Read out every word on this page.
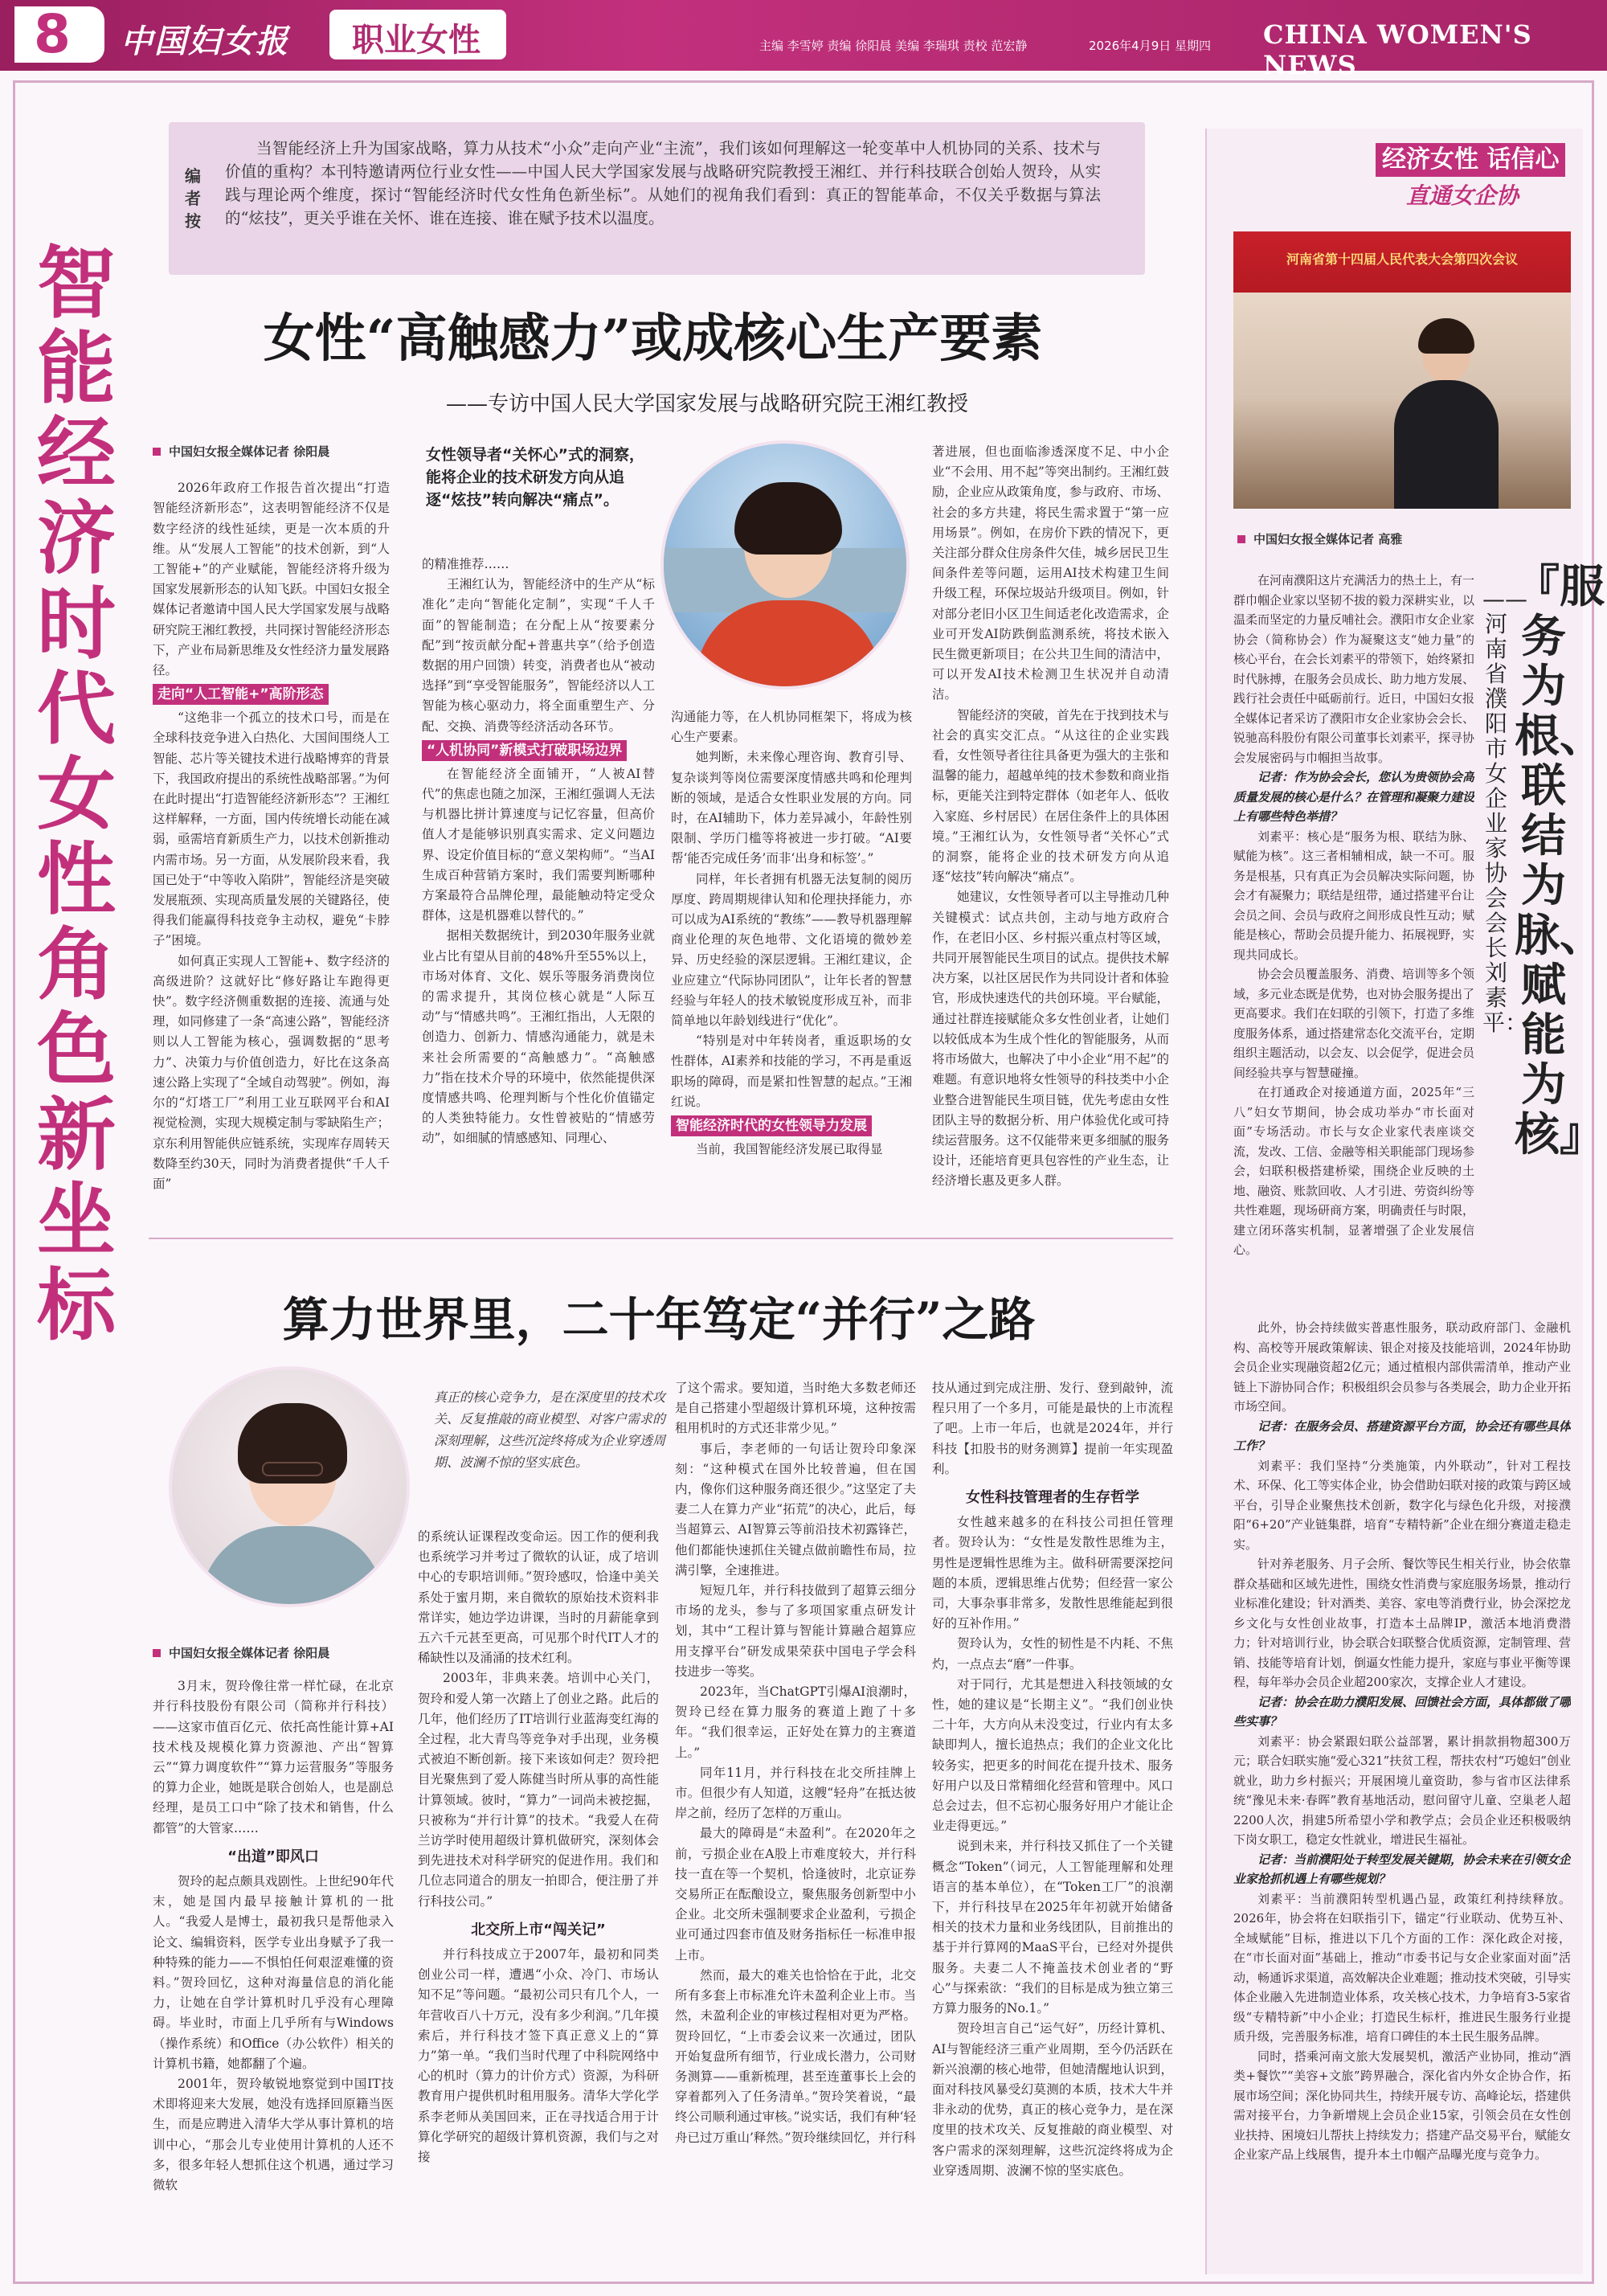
8 中国妇女报 职业女性	主编 李雪婷 责编 徐阳晨 美编 李瑞琪 责校 范宏静	2026年4月9日 星期四 CHINA WOMEN'S NEWS
编者按
当智能经济上升为国家战略，算力从技术“小众”走向产业“主流”，我们该如何理解这一轮变革中人机协同的关系、技术与价值的重构？本刊特邀请两位行业女性——中国人民大学国家发展与战略研究院教授王湘红、并行科技联合创始人贺玲，从实践与理论两个维度，探讨“智能经济时代女性角色新坐标”。从她们的视角我们看到：真正的智能革命，不仅关乎数据与算法的“炫技”，更关乎谁在关怀、谁在连接、谁在赋予技术以温度。
智能经济时代女性角色新坐标
女性“高触感力”或成核心生产要素
——专访中国人民大学国家发展与战略研究院王湘红教授
中国妇女报全媒体记者 徐阳晨

2026年政府工作报告首次提出“打造智能经济新形态”，这表明智能经济不仅是数字经济的线性延续，更是一次本质的升维。从“发展人工智能”的技术创新，到“人工智能+”的产业赋能，智能经济将升级为国家发展新形态的认知飞跃。中国妇女报全媒体记者邀请中国人民大学国家发展与战略研究院王湘红教授，共同探讨智能经济形态下，产业布局新思维及女性经济力量发展路径。

走向“人工智能+”高阶形态

“这绝非一个孤立的技术口号，而是在全球科技竞争进入白热化、大国间围绕人工智能、芯片等关键技术进行战略博弈的背景下，我国政府提出的系统性战略部署。”为何在此时提出“打造智能经济新形态”？王湘红这样解释，一方面，国内传统增长动能在减弱，亟需培育新质生产力，以技术创新推动内需市场。另一方面，从发展阶段来看，我国已处于“中等收入陷阱”，智能经济是突破发展瓶颈、实现高质量发展的关键路径，使得我们能赢得科技竞争主动权，避免“卡脖子”困境。

如何真正实现人工智能+、数字经济的高级进阶？这就好比“修好路让车跑得更快”。数字经济侧重数据的连接、流通与处理，如同修建了一条“高速公路”，智能经济则以人工智能为核心，强调数据的“思考力”、决策力与价值创造力，好比在这条高速公路上实现了“全域自动驾驶”。例如，海尔的“灯塔工厂”利用工业互联网平台和AI视觉检测，实现大规模定制与零缺陷生产；京东利用智能供应链系统，实现库存周转天数降至约30天，同时为消费者提供“千人千面”

女性领导者“关怀心”式的洞察，能将企业的技术研发方向从追逐“炫技”转向解决“痛点”。

的精准推荐……

王湘红认为，智能经济中的生产从“标准化”走向“智能化定制”，实现“千人千面”的智能制造；在分配上从“按要素分配”到“按贡献分配+普惠共享”（给予创造数据的用户回馈）转变，消费者也从“被动选择”到“享受智能服务”，智能经济以人工智能为核心驱动力，将全面重塑生产、分配、交换、消费等经济活动各环节。

“人机协同”新模式打破职场边界

在智能经济全面铺开，“人被AI替代”的焦虑也随之加深，王湘红强调人无法与机器比拼计算速度与记忆容量，但高价值人才是能够识别真实需求、定义问题边界、设定价值目标的“意义架构师”。“当AI生成百种营销方案时，我们需要判断哪种方案最符合品牌伦理，最能触动特定受众群体，这是机器难以替代的。”

据相关数据统计，到2030年服务业就业占比有望从目前的48%升至55%以上，市场对体育、文化、娱乐等服务消费岗位的需求提升，其岗位核心就是“人际互动”与“情感共鸣”。王湘红指出，人无限的创造力、创新力、情感沟通能力，就是未来社会所需要的“高触感力”。“高触感力”指在技术介导的环境中，依然能提供深度情感共鸣、伦理判断与个性化价值锚定的人类独特能力。女性曾被贴的“情感劳动”，如细腻的情感感知、同理心、

沟通能力等，在人机协同框架下，将成为核心生产要素。

她判断，未来像心理咨询、教育引导、复杂谈判等岗位需要深度情感共鸣和伦理判断的领域，是适合女性职业发展的方向。同时，在AI辅助下，体力差异减小，年龄性别限制、学历门槛等将被进一步打破。“AI要帮‘能否完成任务’而非‘出身和标签’。”

同样，年长者拥有机器无法复制的阅历厚度、跨周期规律认知和伦理抉择能力，亦可以成为AI系统的“教练”——教导机器理解商业伦理的灰色地带、文化语境的微妙差异、历史经验的深层逻辑。王湘红建议，企业应建立“代际协同团队”，让年长者的智慧经验与年轻人的技术敏锐度形成互补，而非简单地以年龄划线进行“优化”。

“特别是对中年转岗者，重返职场的女性群体，AI素养和技能的学习，不再是重返职场的障碍，而是紧扣性智慧的起点。”王湘红说。

智能经济时代的女性领导力发展

当前，我国智能经济发展已取得显

著进展，但也面临渗透深度不足、中小企业“不会用、用不起”等突出制约。王湘红鼓励，企业应从政策角度，参与政府、市场、社会的多方共建，将民生需求置于“第一应用场景”。例如，在房价下跌的情况下，更关注部分群众住房条件欠佳，城乡居民卫生间条件差等问题，运用AI技术构建卫生间升级工程，环保垃圾站升级项目。例如，针对部分老旧小区卫生间适老化改造需求，企业可开发AI防跌倒监测系统，将技术嵌入民生微更新项目；在公共卫生间的清洁中，可以开发AI技术检测卫生状况并自动清洁。

智能经济的突破，首先在于找到技术与社会的真实交汇点。“从这往的企业实践看，女性领导者往往具备更为强大的主张和温馨的能力，超越单纯的技术参数和商业指标，更能关注到特定群体（如老年人、低收入家庭、乡村居民）在居住条件上的具体困境。”王湘红认为，女性领导者“关怀心”式的洞察，能将企业的技术研发方向从追逐“炫技”转向解决“痛点”。

她建议，女性领导者可以主导推动几种关键模式：试点共创，主动与地方政府合作，在老旧小区、乡村振兴重点村等区域，共同开展智能民生项目的试点。提供技术解决方案，以社区居民作为共同设计者和体验官，形成快速迭代的共创环境。平台赋能，通过社群连接赋能众多女性创业者，让她们以较低成本为生成个性化的智能服务，从而将市场做大，也解决了中小企业“用不起”的难题。有意识地将女性领导的科技类中小企业整合进智能民生项目链，优先考虑由女性团队主导的数据分析、用户体验优化或可持续运营服务。这不仅能带来更多细腻的服务设计，还能培育更具包容性的产业生态，让经济增长惠及更多人群。

算力世界里，二十年笃定“并行”之路
真正的核心竞争力，是在深度里的技术攻关、反复推敲的商业模型、对客户需求的深刻理解，这些沉淀终将成为企业穿透周期、波澜不惊的坚实底色。
中国妇女报全媒体记者 徐阳晨

3月末，贺玲像往常一样忙碌，在北京并行科技股份有限公司（简称并行科技）——这家市值百亿元、依托高性能计算+AI技术栈及规模化算力资源池、产出“智算云”“算力调度软件”“算力运营服务”等服务的算力企业，她既是联合创始人，也是副总经理，是员工口中“除了技术和销售，什么都管”的大管家……

“出道”即风口

贺玲的起点颇具戏剧性。上世纪90年代末，她是国内最早接触计算机的一批人。“我爱人是博士，最初我只是帮他录入论文、编辑资料，医学专业出身赋予了我一种特殊的能力——不惧怕任何艰涩难懂的资料。”贺玲回忆，这种对海量信息的消化能力，让她在自学计算机时几乎没有心理障碍。毕业时，市面上几乎所有与Windows（操作系统）和Office（办公软件）相关的计算机书籍，她都翻了个遍。

2001年，贺玲敏锐地察觉到中国IT技术即将迎来大发展，她没有选择回原籍当医生，而是应聘进入清华大学从事计算机的培训中心，“那会儿专业使用计算机的人还不多，很多年轻人想抓住这个机遇，通过学习微软

的系统认证课程改变命运。因工作的便利我也系统学习并考过了微软的认证，成了培训中心的专职培训师。”贺玲感叹，恰逢中美关系处于蜜月期，来自微软的原始技术资料非常详实，她边学边讲课，当时的月薪能拿到五六千元甚至更高，可见那个时代IT人才的稀缺性以及涌涌的技术红利。

2003年，非典来袭。培训中心关门，贺玲和爱人第一次踏上了创业之路。此后的几年，他们经历了IT培训行业蓝海变红海的全过程，北大青鸟等竞争对手出现，业务模式被迫不断创新。接下来该如何走？贺玲把目光聚焦到了爱人陈健当时所从事的高性能计算领域。彼时，“算力”一词尚未被挖掘，只被称为“并行计算”的技术。“我爱人在荷兰访学时使用超级计算机做研究，深刻体会到先进技术对科学研究的促进作用。我们和几位志同道合的朋友一拍即合，便注册了并行科技公司。”

北交所上市“闯关记”

并行科技成立于2007年，最初和同类创业公司一样，遭遇“小众、冷门、市场认知不足”等问题。“最初公司只有几个人，一年营收百八十万元，没有多少利润。”几年摸索后，并行科技才签下真正意义上的“算力”第一单。“我们当时代理了中科院网络中心的机时（算力的计价方式）资源，为科研教育用户提供机时租用服务。清华大学化学系李老师从美国回来，正在寻找适合用于计算化学研究的超级计算机资源，我们与之对接

了这个需求。要知道，当时绝大多数老师还是自己搭建小型超级计算机环境，这种按需租用机时的方式还非常少见。”

事后，李老师的一句话让贺玲印象深刻：“这种模式在国外比较普遍，但在国内，像你们这种服务商还很少。”这坚定了夫妻二人在算力产业“拓荒”的决心，此后，每当超算云、AI智算云等前沿技术初露锋芒，他们都能快速抓住关键点做前瞻性布局，拉满引擎，全速推进。

短短几年，并行科技做到了超算云细分市场的龙头，参与了多项国家重点研发计划，其中“工程计算与智能计算融合超算应用支撑平台”研发成果荣获中国电子学会科技进步一等奖。

2023年，当ChatGPT引爆AI浪潮时，贺玲已经在算力服务的赛道上跑了十多年。“我们很幸运，正好处在算力的主赛道上。”

同年11月，并行科技在北交所挂牌上市。但很少有人知道，这艘“轻舟”在抵达彼岸之前，经历了怎样的万重山。

最大的障碍是“未盈利”。在2020年之前，亏损企业在A股上市难度较大，并行科技一直在等一个契机，恰逢彼时，北京证券交易所正在酝酿设立，聚焦服务创新型中小企业。北交所未强制要求企业盈利，亏损企业可通过四套市值及财务指标任一标准申报上市。

然而，最大的难关也恰恰在于此，北交所有多套上市标准允许未盈利企业上市。当然，未盈利企业的审核过程相对更为严格。贺玲回忆，“上市委会议来一次通过，团队开始复盘所有细节，行业成长潜力，公司财务测算——重新梳理，甚至连董事长上会的穿着都列入了任务清单。”贺玲笑着说，“最终公司顺利通过审核。”说实话，我们有种‘轻舟已过万重山’释然。”贺玲继续回忆，并行科

技从通过到完成注册、发行、登到敲钟，流程只用了一个多月，可能是最快的上市流程了吧。上市一年后，也就是2024年，并行科技【扣股书的财务测算】提前一年实现盈利。

女性科技管理者的生存哲学

女性越来越多的在科技公司担任管理者。贺玲认为：“女性是发散性思维为主，男性是逻辑性思维为主。做科研需要深挖问题的本质，逻辑思维占优势；但经营一家公司，大事杂事非常多，发散性思维能起到很好的互补作用。”

贺玲认为，女性的韧性是不内耗、不焦灼，一点点去“磨”一件事。

对于同行，尤其是想进入科技领域的女性，她的建议是“长期主义”。“我们创业快二十年，大方向从未没变过，行业内有太多缺即判人，擅长追热点；我们的企业文化比较务实，把更多的时间花在提升技术、服务好用户以及日常精细化经营和管理中。风口总会过去，但不忘初心服务好用户才能让企业走得更远。”

说到未来，并行科技又抓住了一个关键概念“Token”（词元，人工智能理解和处理语言的基本单位），在“Token工厂”的浪潮下，并行科技早在2025年年初就开始储备相关的技术力量和业务线团队，目前推出的基于并行算网的MaaS平台，已经对外提供服务。夫妻二人不掩盖技术创业者的“野心”与探索欲：“我们的目标是成为独立第三方算力服务的No.1。”

贺玲坦言自己“运气好”，历经计算机、AI与智能经济三重产业周期，至今仍活跃在新兴浪潮的核心地带，但她清醒地认识到，面对科技风暴受幻莫测的本质，技术大牛并非永动的优势，真正的核心竞争力，是在深度里的技术攻关、反复推敲的商业模型、对客户需求的深刻理解，这些沉淀终将成为企业穿透周期、波澜不惊的坚实底色。

经济女性 话信心
直通女企协
河南省第十四届人民代表大会第四次会议
中国妇女报全媒体记者 高雅
『服务为根、联结为脉、赋能为核』
——河南省濮阳市女企业家协会会长刘素平：

在河南濮阳这片充满活力的热土上，有一群巾帼企业家以坚韧不拔的毅力深耕实业，以温柔而坚定的力量反哺社会。濮阳市女企业家协会（简称协会）作为凝聚这支“她力量”的核心平台，在会长刘素平的带领下，始终紧扣时代脉搏，在服务会员成长、助力地方发展、践行社会责任中砥砺前行。近日，中国妇女报全媒体记者采访了濮阳市女企业家协会会长、锐驰高科股份有限公司董事长刘素平，探寻协会发展密码与巾帼担当故事。

记者：作为协会会长，您认为贵领协会高质量发展的核心是什么？在管理和凝聚力建设上有哪些特色举措？

刘素平：核心是“服务为根、联结为脉、赋能为核”。这三者相辅相成，缺一不可。服务是根基，只有真正为会员解决实际问题，协会才有凝聚力；联结是纽带，通过搭建平台让会员之间、会员与政府之间形成良性互动；赋能是核心，帮助会员提升能力、拓展视野，实现共同成长。

协会会员覆盖服务、消费、培训等多个领域，多元业态既是优势，也对协会服务提出了更高要求。我们在妇联的引领下，打造了多维度服务体系，通过搭建常态化交流平台，定期组织主题活动，以会友、以会促学，促进会员间经验共享与智慧碰撞。

在打通政企对接通道方面，2025年“三八”妇女节期间，协会成功举办“市长面对面”专场活动。市长与女企业家代表座谈交流，发改、工信、金融等相关职能部门现场参会，妇联积极搭建桥梁，围绕企业反映的土地、融资、账款回收、人才引进、劳资纠纷等共性难题，现场研商方案，明确责任与时限，建立闭环落实机制，显著增强了企业发展信心。

此外，协会持续做实普惠性服务，联动政府部门、金融机构、高校等开展政策解读、银企对接及技能培训，2024年协助会员企业实现融资超2亿元；通过植根内部供需清单，推动产业链上下游协同合作；积极组织会员参与各类展会，助力企业开拓市场空间。

记者：在服务会员、搭建资源平台方面，协会还有哪些具体工作？

刘素平：我们坚持“分类施策，内外联动”，针对工程技术、环保、化工等实体企业，协会借助妇联对接的政策与跨区域平台，引导企业聚焦技术创新，数字化与绿色化升级，对接濮阳“6+20”产业链集群，培育“专精特新”企业在细分赛道走稳走实。

针对养老服务、月子会所、餐饮等民生相关行业，协会依靠群众基础和区域先进性，围绕女性消费与家庭服务场景，推动行业标准化建设；针对酒类、美容、家电等消费行业，协会深挖龙乡文化与女性创业故事，打造本土品牌IP，激活本地消费潜力；针对培训行业，协会联合妇联整合优质资源，定制管理、营销、技能等培育计划，倒逼女性能力提升，家庭与事业平衡等课程，每年举办会员企业超200家次，支撑企业人才建设。

记者：协会在助力濮阳发展、回馈社会方面，具体都做了哪些实事？

刘素平：协会紧跟妇联公益部署，累计捐款捐物超300万元；联合妇联实施“爱心321”扶贫工程，帮扶农村“巧媳妇”创业就业，助力乡村振兴；开展困境儿童资助，参与省市区法律系统“豫见未来·春晖”教育基地活动，慰问留守儿童、空巢老人超2200人次，捐建5所希望小学和教学点；会员企业还积极吸纳下岗女职工，稳定女性就业，增进民生福祉。

记者：当前濮阳处于转型发展关键期，协会未来在引领女企业家抢抓机遇上有哪些规划？

刘素平：当前濮阳转型机遇凸显，政策红利持续释放。2026年，协会将在妇联指引下，锚定“行业联动、优势互补、全域赋能”目标，推进以下几个方面的工作：深化政企对接，在“市长面对面”基础上，推动“市委书记与女企业家面对面”活动，畅通诉求渠道，高效解决企业难题；推动技术突破，引导实体企业融入先进制造业体系，攻关核心技术，力争培育3-5家省级“专精特新”中小企业；打造民生标杆，推进民生服务行业提质升级，完善服务标准，培育口碑佳的本土民生服务品牌。

同时，搭乘河南文旅大发展契机，激活产业协同，推动“酒类+餐饮”“美容+文旅”跨界融合，深化省内外女企协合作，拓展市场空间；深化协同共生，持续开展专访、高峰论坛，搭建供需对接平台，力争新增规上会员企业15家，引领会员在女性创业扶持、困境妇儿帮扶上持续发力；搭建产品交易平台，赋能女企业家产品上线展售，提升本土巾帼产品曝光度与竞争力。
